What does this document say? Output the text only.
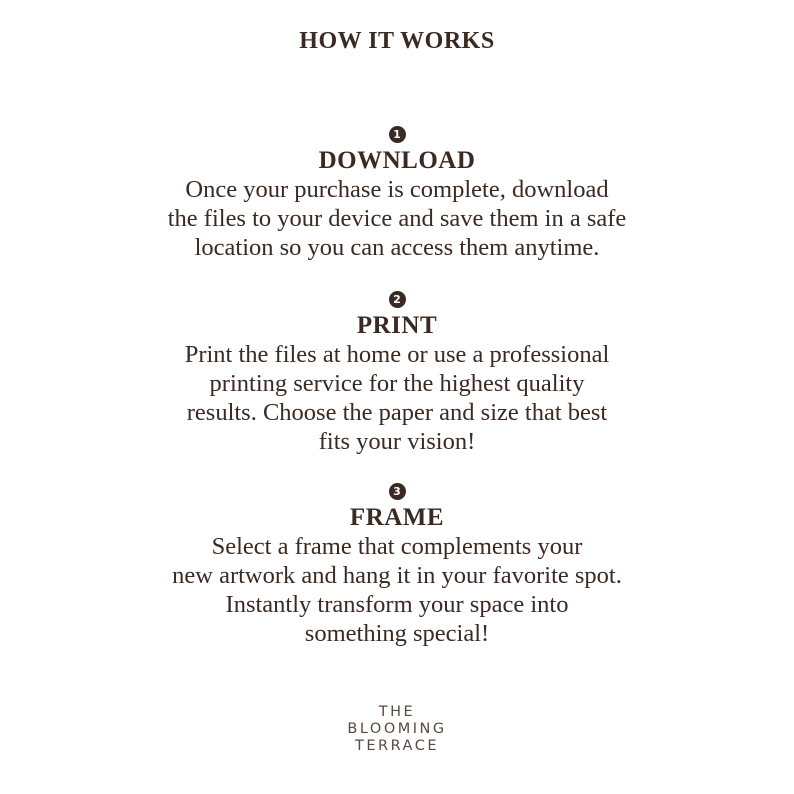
HOW IT WORKS
1
DOWNLOAD

Once your purchase is complete, download
the files to your device and save them in a safe
location so you can access them anytime.

2
PRINT

Print the files at home or use a professional
printing service for the highest quality
results. Choose the paper and size that best
fits your vision!

3
FRAME

Select a frame that complements your
new artwork and hang it in your favorite spot.
Instantly transform your space into
something special!

THE
BLOOMING
TERRACE
